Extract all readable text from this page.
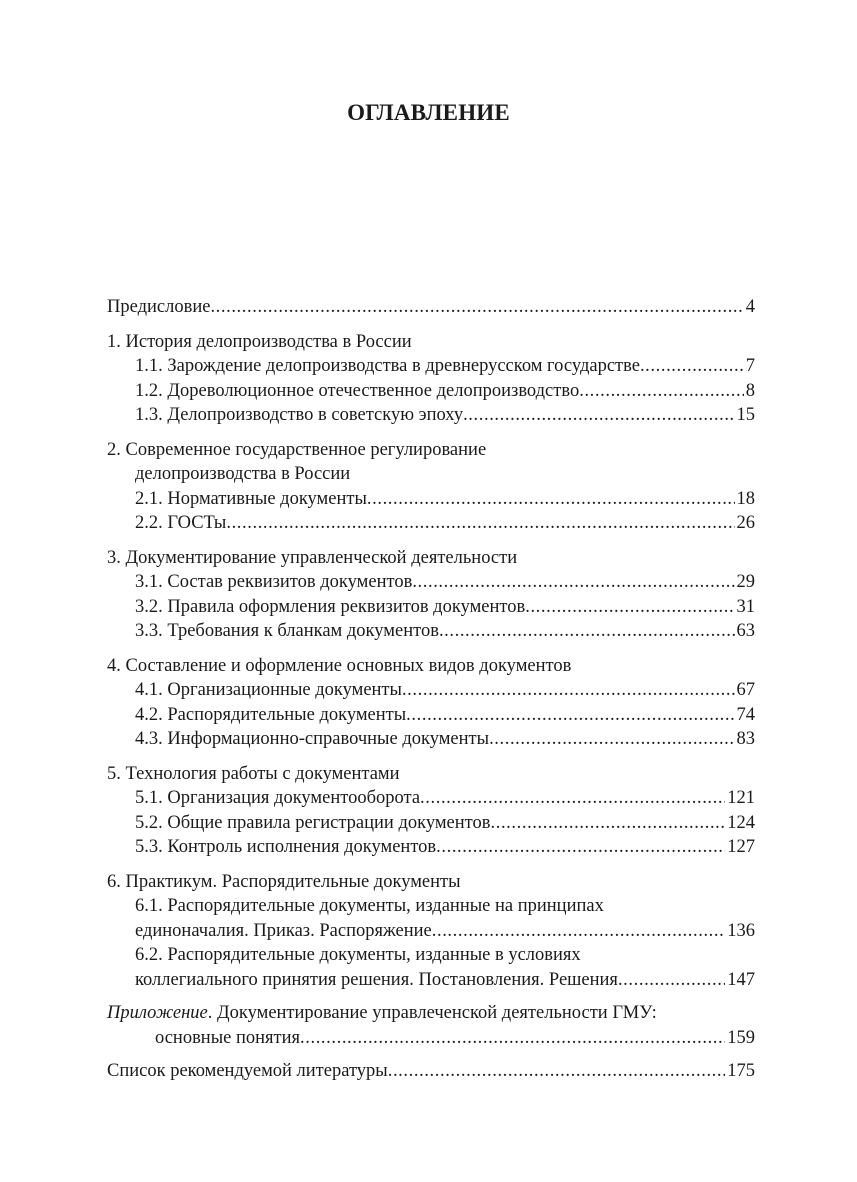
ОГЛАВЛЕНИЕ
Предисловие .....	4
1. История делопроизводства в России
1.1. Зарождение делопроизводства в древнерусском государстве .....	7
1.2. Дореволюционное отечественное делопроизводство .....	8
1.3. Делопроизводство в советскую эпоху .....	15
2. Современное государственное регулирование
делопроизводства в России
2.1. Нормативные документы .....	18
2.2. ГОСТы .....	26
3. Документирование управленческой деятельности
3.1. Состав реквизитов документов .....	29
3.2. Правила оформления реквизитов документов .....	31
3.3. Требования к бланкам документов .....	63
4. Составление и оформление основных видов документов
4.1. Организационные документы .....	67
4.2. Распорядительные документы .....	74
4.3. Информационно-справочные документы .....	83
5. Технология работы с документами
5.1. Организация документооборота .....	121
5.2. Общие правила регистрации документов .....	124
5.3. Контроль исполнения документов .....	127
6. Практикум. Распорядительные документы
6.1. Распорядительные документы, изданные на принципах
единоначалия. Приказ. Распоряжение .....	136
6.2. Распорядительные документы, изданные в условиях
коллегиального принятия решения. Постановления. Решения .....	147
Приложение. Документирование управлеченской деятельности ГМУ:
основные понятия .....	159
Список рекомендуемой литературы .....	175
